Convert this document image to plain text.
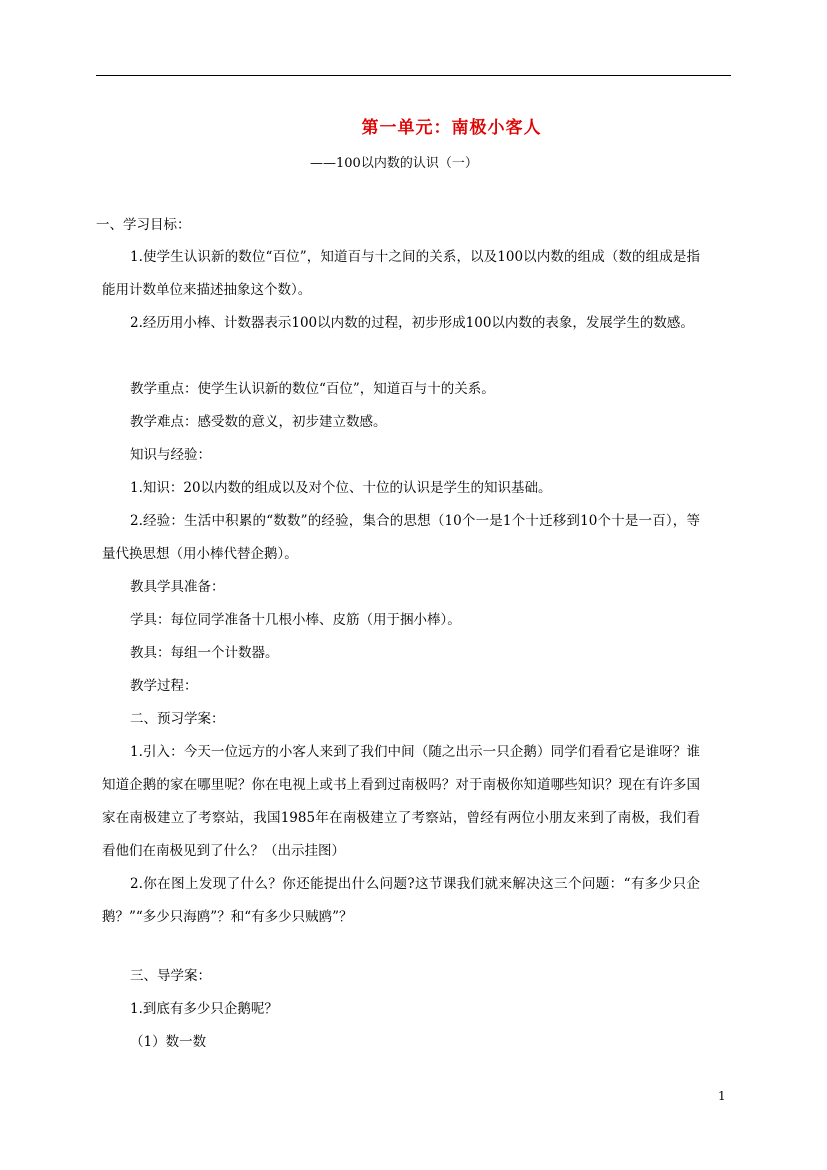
第一单元：南极小客人
——100以内数的认识（一）
一、学习目标：
1.使学生认识新的数位“百位”，知道百与十之间的关系，以及100以内数的组成（数的组成是指能用计数单位来描述抽象这个数）。
2.经历用小棒、计数器表示100以内数的过程，初步形成100以内数的表象，发展学生的数感。
教学重点：使学生认识新的数位“百位”，知道百与十的关系。
教学难点：感受数的意义，初步建立数感。
知识与经验：
1.知识：20以内数的组成以及对个位、十位的认识是学生的知识基础。
2.经验：生活中积累的“数数”的经验，集合的思想（10个一是1个十迁移到10个十是一百），等量代换思想（用小棒代替企鹅）。
教具学具准备：
学具：每位同学准备十几根小棒、皮筋（用于捆小棒）。
教具：每组一个计数器。
教学过程：
二、预习学案：
1.引入：今天一位远方的小客人来到了我们中间（随之出示一只企鹅）同学们看看它是谁呀？谁知道企鹅的家在哪里呢？你在电视上或书上看到过南极吗？对于南极你知道哪些知识？现在有许多国家在南极建立了考察站，我国1985年在南极建立了考察站，曾经有两位小朋友来到了南极，我们看看他们在南极见到了什么？（出示挂图）
2.你在图上发现了什么？你还能提出什么问题?这节课我们就来解决这三个问题：“有多少只企鹅？”“多少只海鸥”？和“有多少只贼鸥”？
三、导学案：
1.到底有多少只企鹅呢？
（1）数一数
1
